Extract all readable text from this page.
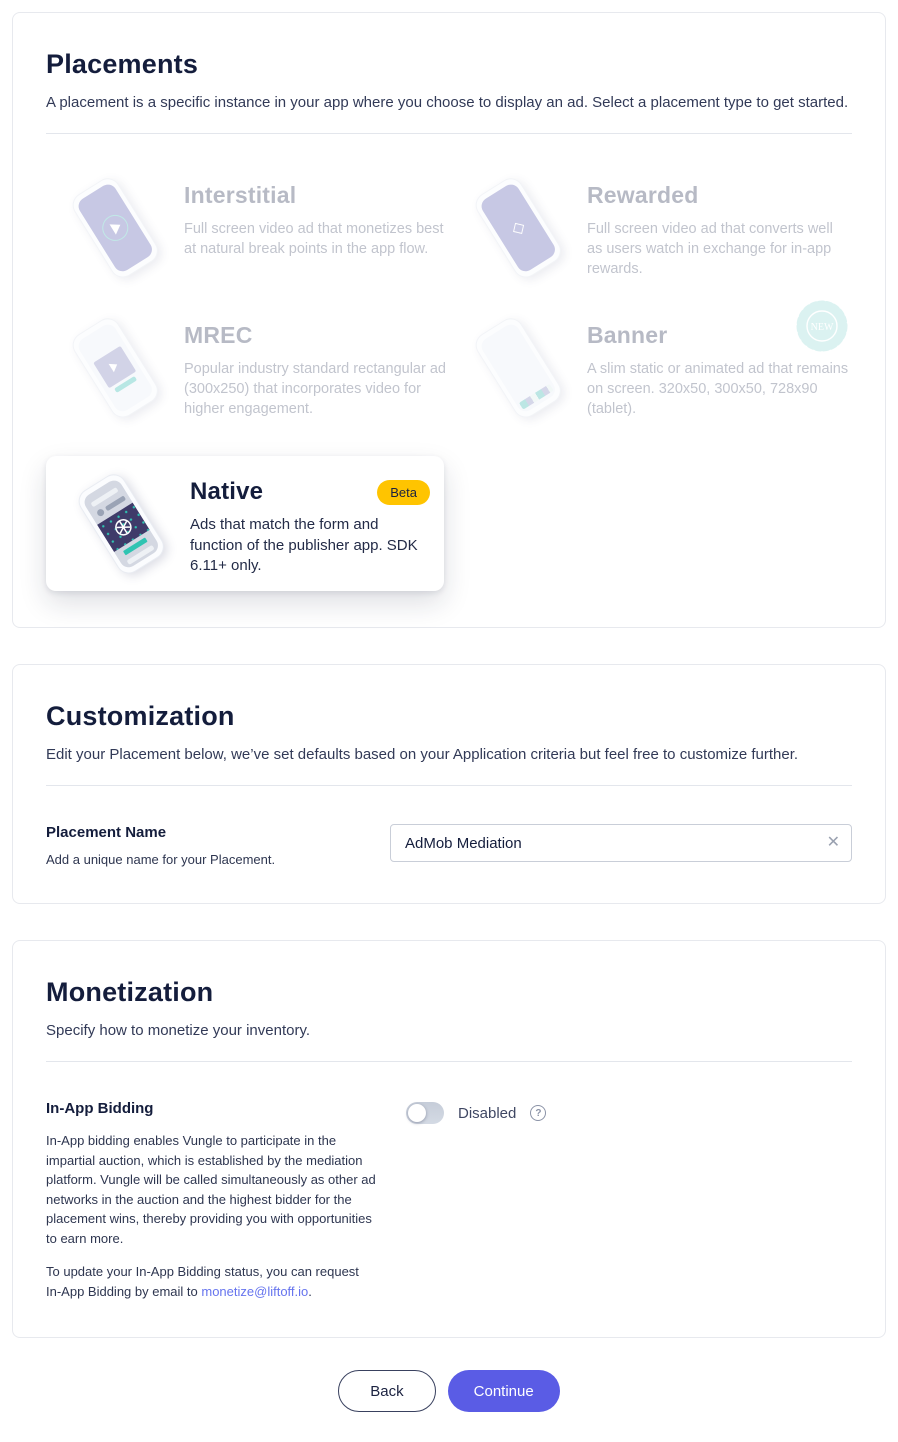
Placements

A placement is a specific instance in your app where you choose to display an ad. Select a placement type to get started.

Interstitial

Full screen video ad that monetizes best at natural break points in the app flow.

◇
Rewarded

Full screen video ad that converts well as users watch in exchange for in-app rewards.

MREC

Popular industry standard rectangular ad (300x250) that incorporates video for higher engagement.

Banner

A slim static or animated ad that remains on screen. 320x50, 300x50, 728x90 (tablet).

NEW
Native

Ads that match the form and function of the publisher app. SDK 6.11+ only.

Beta
Customization

Edit your Placement below, we’ve set defaults based on your Application criteria but feel free to customize further.

Placement Name

Add a unique name for your Placement.

AdMob Mediation
✕
Monetization

Specify how to monetize your inventory.

In-App Bidding

In-App bidding enables Vungle to participate in the impartial auction, which is established by the mediation platform. Vungle will be called simultaneously as other ad networks in the auction and the highest bidder for the placement wins, thereby providing you with opportunities to earn more.

To update your In-App Bidding status, you can request In-App Bidding by email to monetize@liftoff.io.

Disabled	?
Back	Continue
